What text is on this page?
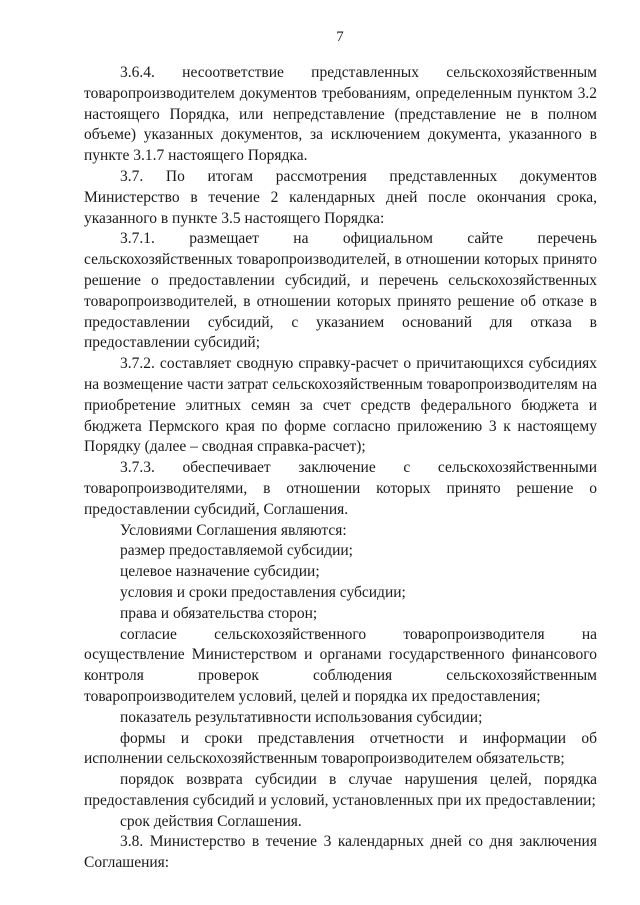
7

3.6.4. несоответствие представленных сельскохозяйственным товаропроизводителем документов требованиям, определенным пунктом 3.2 настоящего Порядка, или непредставление (представление не в полном объеме) указанных документов, за исключением документа, указанного в пункте 3.1.7 настоящего Порядка.

3.7. По итогам рассмотрения представленных документов Министерство в течение 2 календарных дней после окончания срока, указанного в пункте 3.5 настоящего Порядка:

3.7.1. размещает на официальном сайте перечень сельскохозяйственных товаропроизводителей, в отношении которых принято решение о предоставлении субсидий, и перечень сельскохозяйственных товаропроизводителей, в отношении которых принято решение об отказе в предоставлении субсидий, с указанием оснований для отказа в предоставлении субсидий;

3.7.2. составляет сводную справку-расчет о причитающихся субсидиях на возмещение части затрат сельскохозяйственным товаропроизводителям на приобретение элитных семян за счет средств федерального бюджета и бюджета Пермского края по форме согласно приложению 3 к настоящему Порядку (далее – сводная справка-расчет);

3.7.3. обеспечивает заключение с сельскохозяйственными товаропроизводителями, в отношении которых принято решение о предоставлении субсидий, Соглашения.

Условиями Соглашения являются:

размер предоставляемой субсидии;

целевое назначение субсидии;

условия и сроки предоставления субсидии;

права и обязательства сторон;

согласие сельскохозяйственного товаропроизводителя на осуществление Министерством и органами государственного финансового контроля проверок соблюдения сельскохозяйственным товаропроизводителем условий, целей и порядка их предоставления;

показатель результативности использования субсидии;

формы и сроки представления отчетности и информации об исполнении сельскохозяйственным товаропроизводителем обязательств;

порядок возврата субсидии в случае нарушения целей, порядка предоставления субсидий и условий, установленных при их предоставлении;

срок действия Соглашения.

3.8. Министерство в течение 3 календарных дней со дня заключения Соглашения:
